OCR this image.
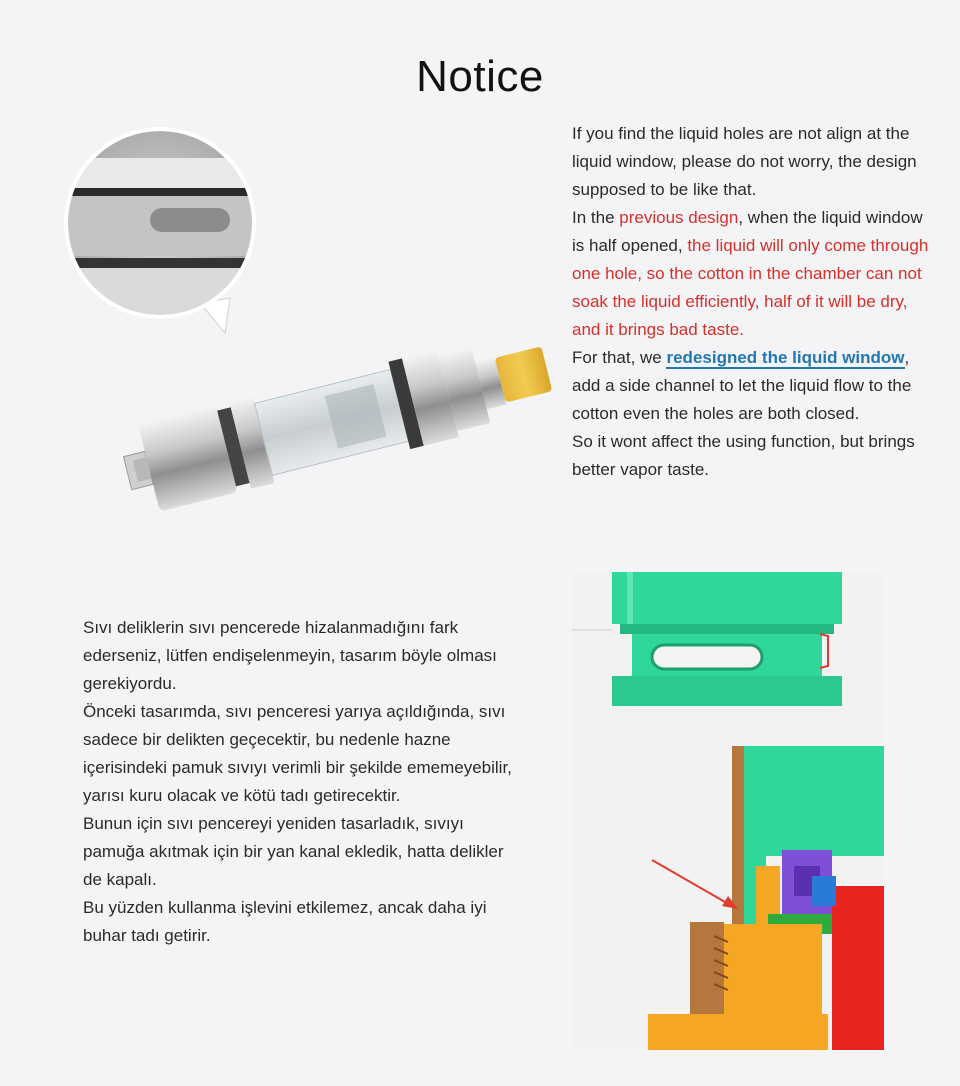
Notice

If you find the liquid holes are not align at the liquid window, please do not worry, the design supposed to be like that.

In the previous design, when the liquid window is half opened, the liquid will only come through one hole, so the cotton in the chamber can not soak the liquid efficiently, half of it will be dry, and it brings bad taste.

For that, we redesigned the liquid window, add a side channel to let the liquid flow to the cotton even the holes are both closed.

So it wont affect the using function, but brings better vapor taste.

Sıvı deliklerin sıvı pencerede hizalanmadığını fark ederseniz, lütfen endişelenmeyin, tasarım böyle olması gerekiyordu.

Önceki tasarımda, sıvı penceresi yarıya açıldığında, sıvı sadece bir delikten geçecektir, bu nedenle hazne içerisindeki pamuk sıvıyı verimli bir şekilde ememeyebilir, yarısı kuru olacak ve kötü tadı getirecektir.

Bunun için sıvı pencereyi yeniden tasarladık, sıvıyı pamuğa akıtmak için bir yan kanal ekledik, hatta delikler de kapalı.

Bu yüzden kullanma işlevini etkilemez, ancak daha iyi buhar tadı getirir.
